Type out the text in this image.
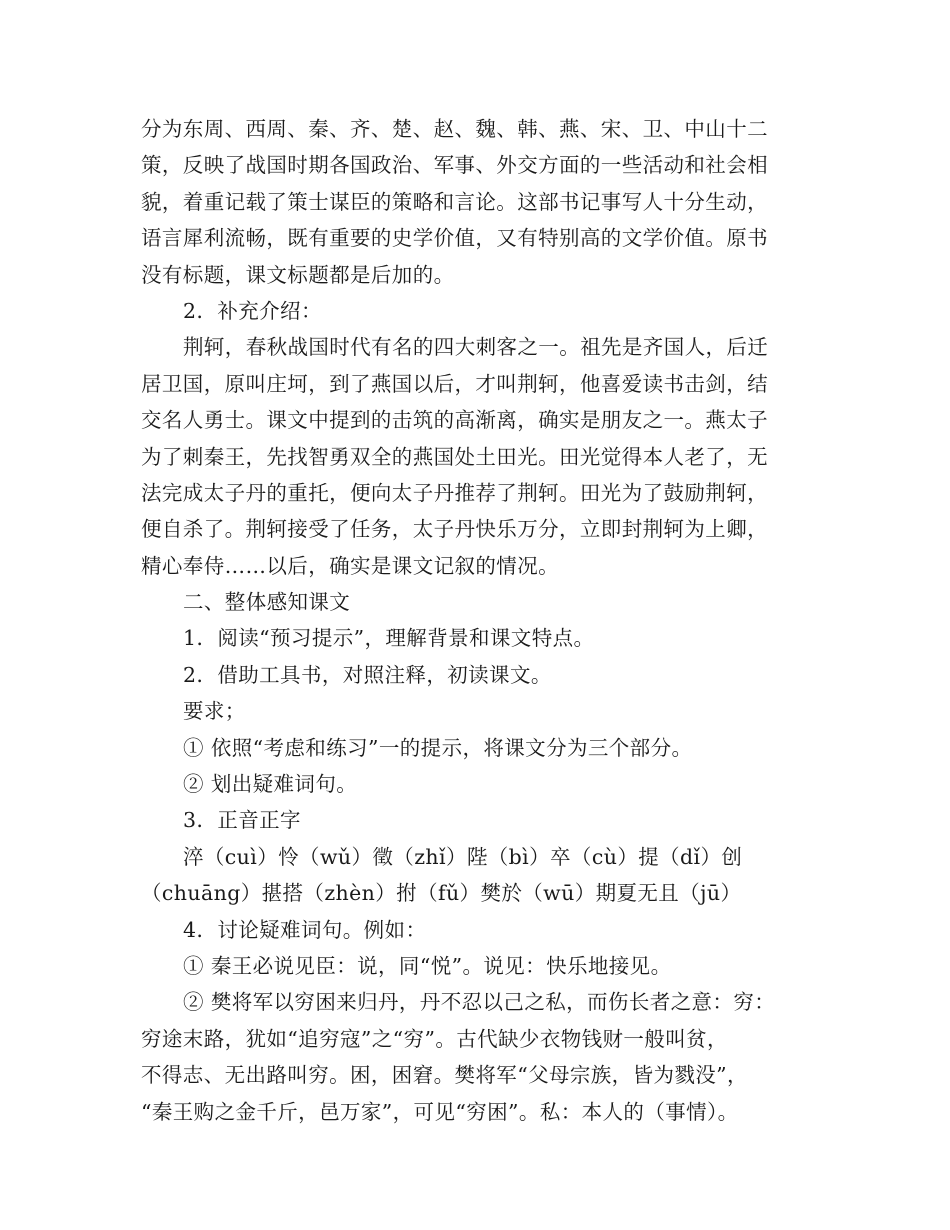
分为东周、西周、秦、齐、楚、赵、魏、韩、燕、宋、卫、中山十二
策，反映了战国时期各国政治、军事、外交方面的一些活动和社会相
貌，着重记载了策士谋臣的策略和言论。这部书记事写人十分生动，
语言犀利流畅，既有重要的史学价值，又有特别高的文学价值。原书
没有标题，课文标题都是后加的。
2．补充介绍：
荆轲，春秋战国时代有名的四大刺客之一。祖先是齐国人，后迁
居卫国，原叫庄坷，到了燕国以后，才叫荆轲，他喜爱读书击剑，结
交名人勇士。课文中提到的击筑的高渐离，确实是朋友之一。燕太子
为了刺秦王，先找智勇双全的燕国处土田光。田光觉得本人老了，无
法完成太子丹的重托，便向太子丹推荐了荆轲。田光为了鼓励荆轲，
便自杀了。荆轲接受了任务，太子丹快乐万分，立即封荆轲为上卿，
精心奉侍……以后，确实是课文记叙的情况。
二、整体感知课文
1．阅读“预习提示”，理解背景和课文特点。
2．借助工具书，对照注释，初读课文。
要求；
① 依照“考虑和练习”一的提示，将课文分为三个部分。
② 划出疑难词句。
3．正音正字
淬（cuì）怜（wǔ）徵（zhǐ）陛（bì）卒（cù）提（dǐ）创
（chuāng）揕搭（zhèn）拊（fǔ）樊於（wū）期夏无且（jū）
4．讨论疑难词句。例如：
① 秦王必说见臣：说，同“悦”。说见：快乐地接见。
② 樊将军以穷困来归丹，丹不忍以己之私，而伤长者之意：穷：
穷途末路，犹如“追穷寇”之“穷”。古代缺少衣物钱财一般叫贫，
不得志、无出路叫穷。困，困窘。樊将军“父母宗族，皆为戮没”，
“秦王购之金千斤，邑万家”，可见“穷困”。私：本人的（事情）。
